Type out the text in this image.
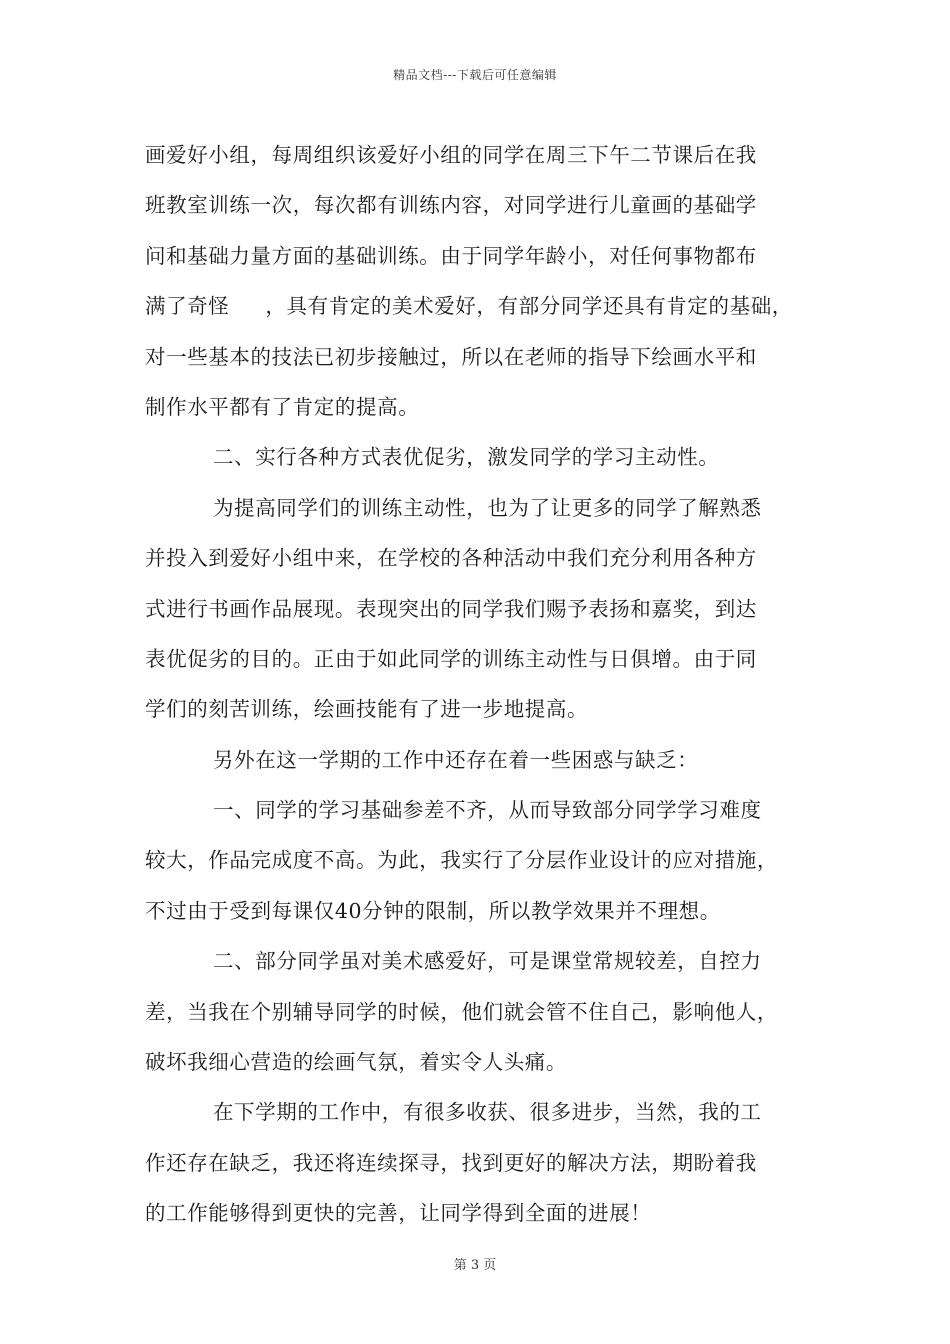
精品文档---下载后可任意编辑
画爱好小组，每周组织该爱好小组的同学在周三下午二节课后在我
班教室训练一次，每次都有训练内容，对同学进行儿童画的基础学
问和基础力量方面的基础训练。由于同学年龄小，对任何事物都布
满了奇怪 ，具有肯定的美术爱好，有部分同学还具有肯定的基础，
对一些基本的技法已初步接触过，所以在老师的指导下绘画水平和
制作水平都有了肯定的提高。
二、实行各种方式表优促劣，激发同学的学习主动性。
为提高同学们的训练主动性，也为了让更多的同学了解熟悉
并投入到爱好小组中来，在学校的各种活动中我们充分利用各种方
式进行书画作品展现。表现突出的同学我们赐予表扬和嘉奖，到达
表优促劣的目的。正由于如此同学的训练主动性与日俱增。由于同
学们的刻苦训练，绘画技能有了进一步地提高。
另外在这一学期的工作中还存在着一些困惑与缺乏：
一、同学的学习基础参差不齐，从而导致部分同学学习难度
较大，作品完成度不高。为此，我实行了分层作业设计的应对措施，
不过由于受到每课仅40分钟的限制，所以教学效果并不理想。
二、部分同学虽对美术感爱好，可是课堂常规较差，自控力
差，当我在个别辅导同学的时候，他们就会管不住自己，影响他人，
破坏我细心营造的绘画气氛，着实令人头痛。
在下学期的工作中，有很多收获、很多进步，当然，我的工
作还存在缺乏，我还将连续探寻，找到更好的解决方法，期盼着我
的工作能够得到更快的完善，让同学得到全面的进展！
第 3 页
